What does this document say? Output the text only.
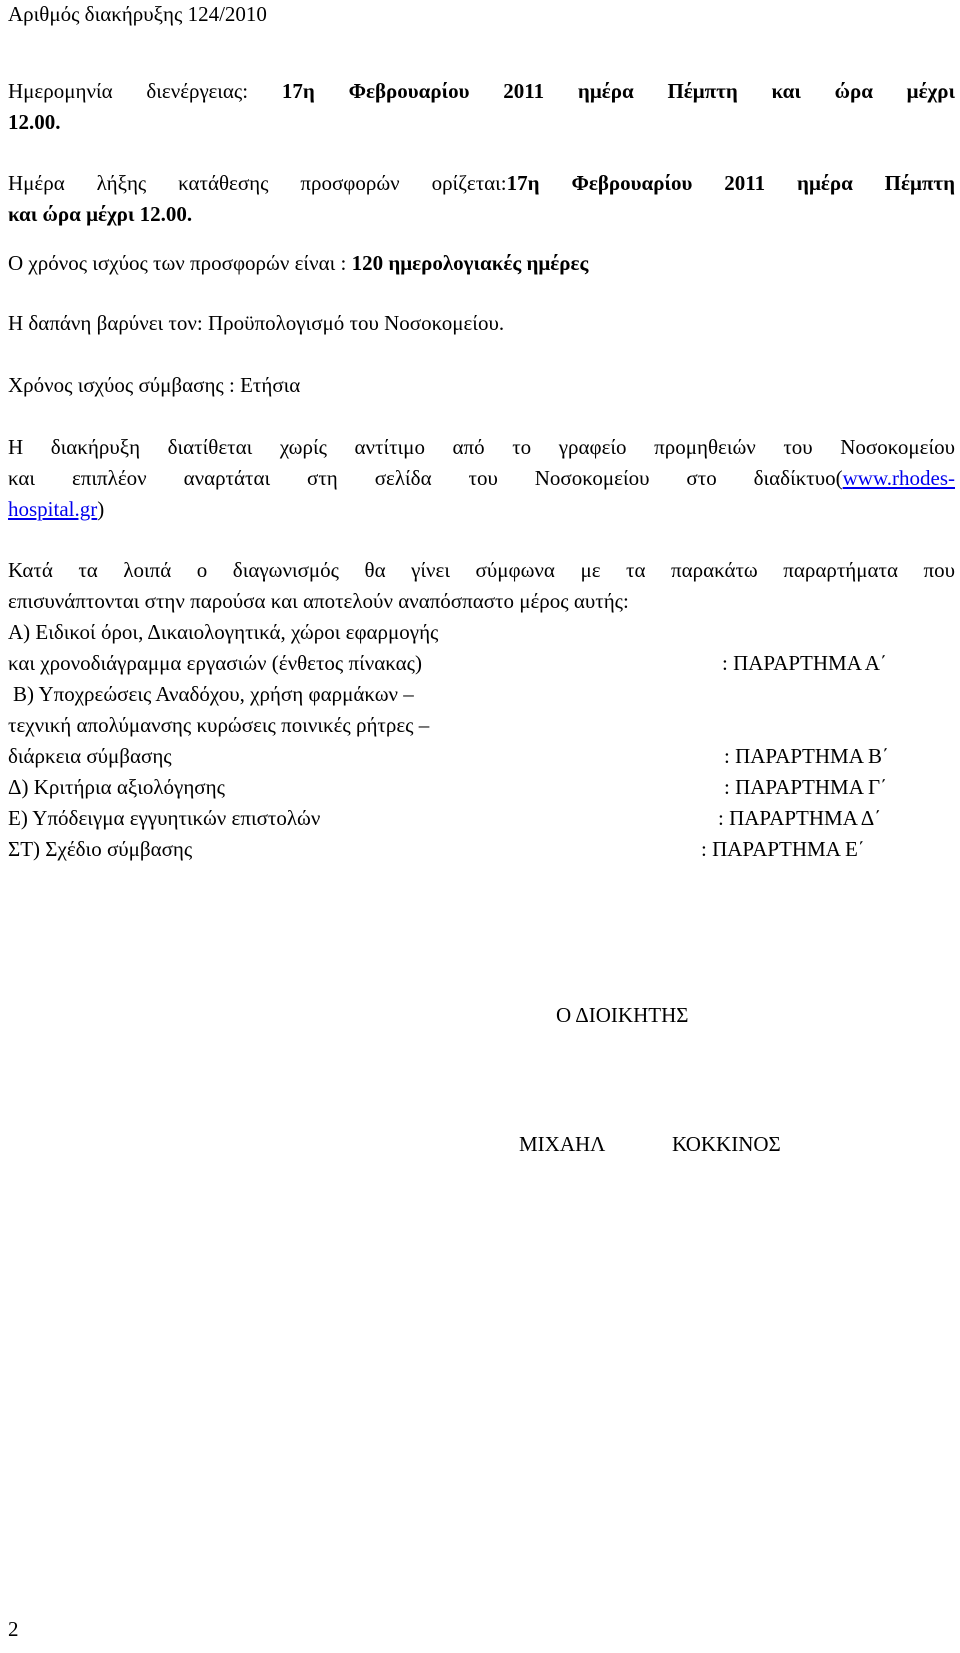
Αριθμός διακήρυξης 124/2010
Ημερομηνία διενέργειας: 17η Φεβρουαρίου 2011 ημέρα Πέμπτη και ώρα μέχρι
12.00.
Ημέρα λήξης κατάθεσης προσφορών ορίζεται:17η Φεβρουαρίου 2011 ημέρα Πέμπτη
και ώρα μέχρι 12.00.
Ο χρόνος ισχύος των προσφορών είναι : 120 ημερολογιακές ημέρες
Η δαπάνη βαρύνει τον: Προϋπολογισμό του Νοσοκομείου.
Χρόνος ισχύος σύμβασης : Ετήσια
Η διακήρυξη διατίθεται χωρίς αντίτιμο από το γραφείο προμηθειών του Νοσοκομείου
και επιπλέον αναρτάται στη σελίδα του Νοσοκομείου στο διαδίκτυο(www.rhodes-
hospital.gr)
Κατά τα λοιπά ο διαγωνισμός θα γίνει σύμφωνα με τα παρακάτω παραρτήματα που
επισυνάπτονται στην παρούσα και αποτελούν αναπόσπαστο μέρος αυτής:
Α) Ειδικοί όροι, Δικαιολογητικά, χώροι εφαρμογής
και χρονοδιάγραμμα εργασιών (ένθετος πίνακας)	: ΠΑΡΑΡΤΗΜΑ Α΄
Β) Υποχρεώσεις Αναδόχου, χρήση φαρμάκων –
τεχνική απολύμανσης κυρώσεις ποινικές ρήτρες –
διάρκεια σύμβασης	: ΠΑΡΑΡΤΗΜΑ Β΄
Δ) Κριτήρια αξιολόγησης	: ΠΑΡΑΡΤΗΜΑ Γ΄
Ε) Υπόδειγμα εγγυητικών επιστολών	: ΠΑΡΑΡΤΗΜΑ Δ΄
ΣΤ) Σχέδιο σύμβασης	: ΠΑΡΑΡΤΗΜΑ Ε΄
Ο ΔΙΟΙΚΗΤΗΣ
ΜΙΧΑΗΛ	ΚΟΚΚΙΝΟΣ
2
